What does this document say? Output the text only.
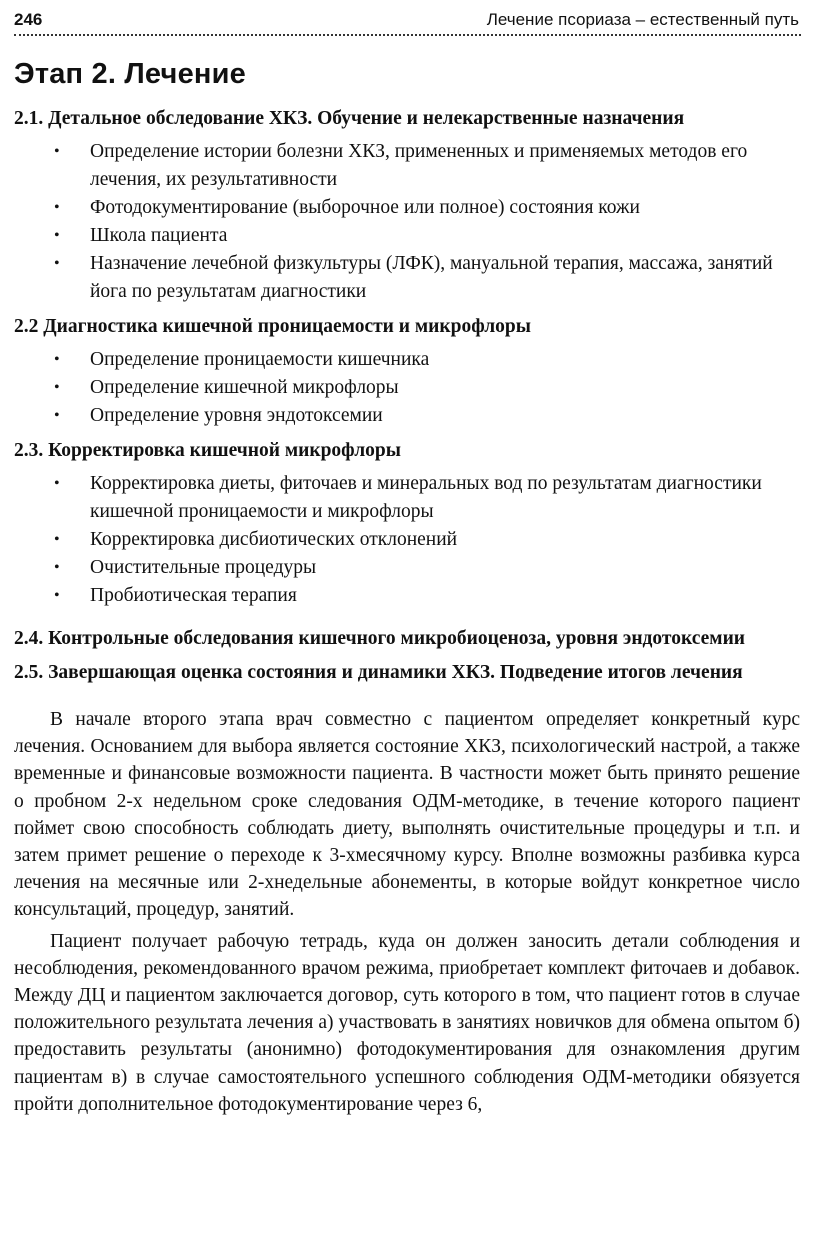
246	Лечение псориаза – естественный путь
Этап 2. Лечение

2.1. Детальное обследование ХКЗ. Обучение и нелекарственные назначения

• Определение истории болезни ХКЗ, примененных и применяемых методов его лечения, их результативности
• Фотодокументирование (выборочное или полное) состояния кожи
• Школа пациента
• Назначение лечебной физкультуры (ЛФК), мануальной терапия, массажа, занятий йога по результатам диагностики

2.2 Диагностика кишечной проницаемости и микрофлоры

• Определение проницаемости кишечника
• Определение кишечной микрофлоры
• Определение уровня эндотоксемии

2.3. Корректировка кишечной микрофлоры

• Корректировка диеты, фиточаев и минеральных вод по результатам диагностики кишечной проницаемости и микрофлоры
• Корректировка дисбиотических отклонений
• Очистительные процедуры
• Пробиотическая терапия

2.4. Контрольные обследования кишечного микробиоценоза, уровня эндотоксемии

2.5. Завершающая оценка состояния и динамики ХКЗ. Подведение итогов лечения

В начале второго этапа врач совместно с пациентом определяет конкретный курс лечения. Основанием для выбора является состояние ХКЗ, психологический настрой, а также временные и финансовые возможности пациента. В частности может быть принято решение о пробном 2-х недельном сроке следования ОДМ-методике, в течение которого пациент поймет свою способность соблюдать диету, выполнять очистительные процедуры и т.п. и затем примет решение о переходе к 3-хмесячному курсу. Вполне возможны разбивка курса лечения на месячные или 2-хнедельные абонементы, в которые войдут конкретное число консультаций, процедур, занятий.

Пациент получает рабочую тетрадь, куда он должен заносить детали соблюдения и несоблюдения, рекомендованного врачом режима, приобретает комплект фиточаев и добавок. Между ДЦ и пациентом заключается договор, суть которого в том, что пациент готов в случае положительного результата лечения а) участвовать в занятиях новичков для обмена опытом б) предоставить результаты (анонимно) фотодокументирования для ознакомления другим пациентам в) в случае самостоятельного успешного соблюдения ОДМ-методики обязуется пройти дополнительное фотодокументирование через 6,
